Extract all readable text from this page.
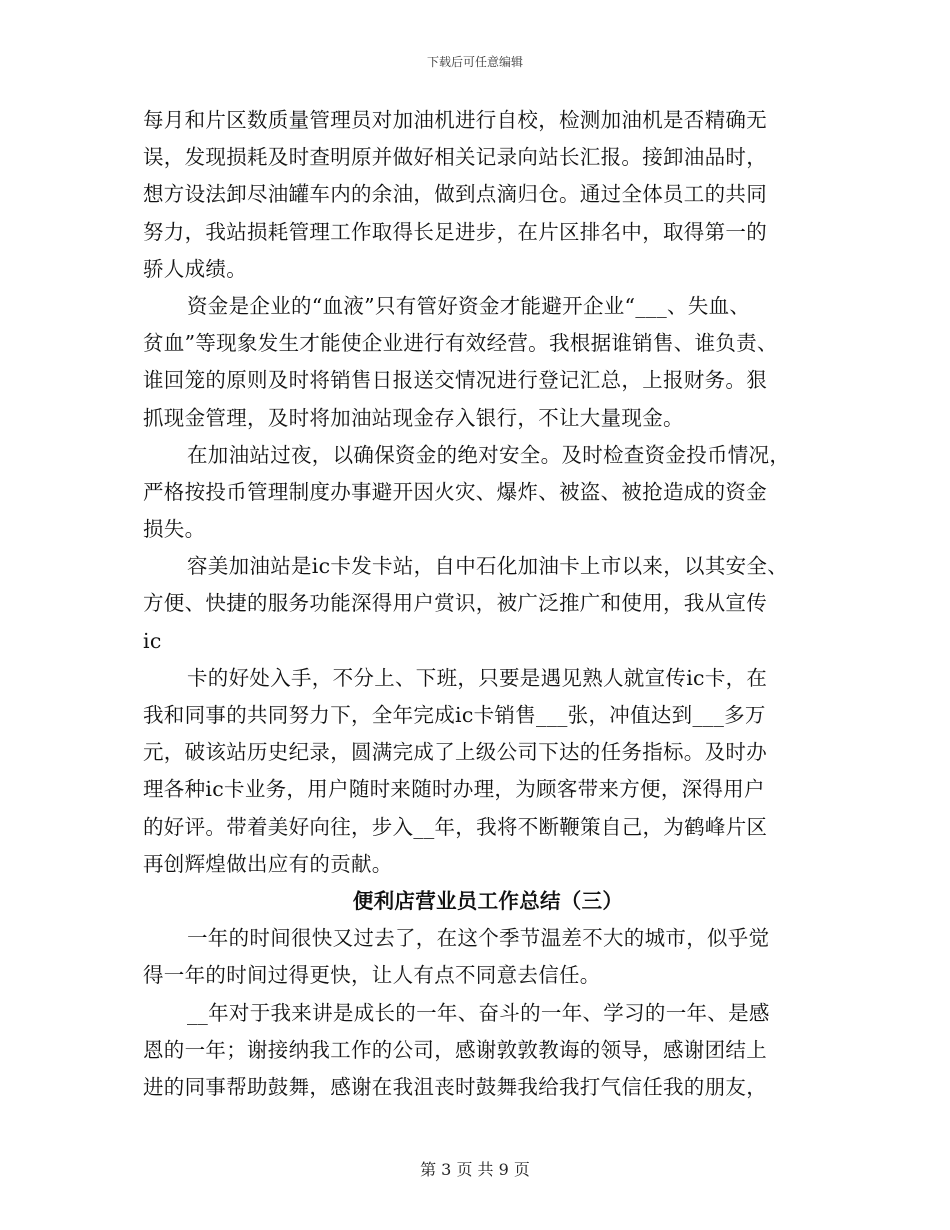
下载后可任意编辑
每月和片区数质量管理员对加油机进行自校，检测加油机是否精确无
误，发现损耗及时查明原并做好相关记录向站长汇报。接卸油品时，
想方设法卸尽油罐车内的余油，做到点滴归仓。通过全体员工的共同
努力，我站损耗管理工作取得长足进步，在片区排名中，取得第一的
骄人成绩。
资金是企业的“血液”只有管好资金才能避开企业“___、失血、
贫血”等现象发生才能使企业进行有效经营。我根据谁销售、谁负责、
谁回笼的原则及时将销售日报送交情况进行登记汇总，上报财务。狠
抓现金管理，及时将加油站现金存入银行，不让大量现金。
在加油站过夜，以确保资金的绝对安全。及时检查资金投币情况，
严格按投币管理制度办事避开因火灾、爆炸、被盗、被抢造成的资金
损失。
容美加油站是ic卡发卡站，自中石化加油卡上市以来，以其安全、
方便、快捷的服务功能深得用户赏识，被广泛推广和使用，我从宣传
ic
卡的好处入手，不分上、下班，只要是遇见熟人就宣传ic卡，在
我和同事的共同努力下，全年完成ic卡销售___张，冲值达到___多万
元，破该站历史纪录，圆满完成了上级公司下达的任务指标。及时办
理各种ic卡业务，用户随时来随时办理，为顾客带来方便，深得用户
的好评。带着美好向往，步入__年，我将不断鞭策自己，为鹤峰片区
再创辉煌做出应有的贡献。
便利店营业员工作总结（三）
一年的时间很快又过去了，在这个季节温差不大的城市，似乎觉
得一年的时间过得更快，让人有点不同意去信任。
__年对于我来讲是成长的一年、奋斗的一年、学习的一年、是感
恩的一年；谢接纳我工作的公司，感谢敦敦教诲的领导，感谢团结上
进的同事帮助鼓舞，感谢在我沮丧时鼓舞我给我打气信任我的朋友，
第 3 页 共 9 页
